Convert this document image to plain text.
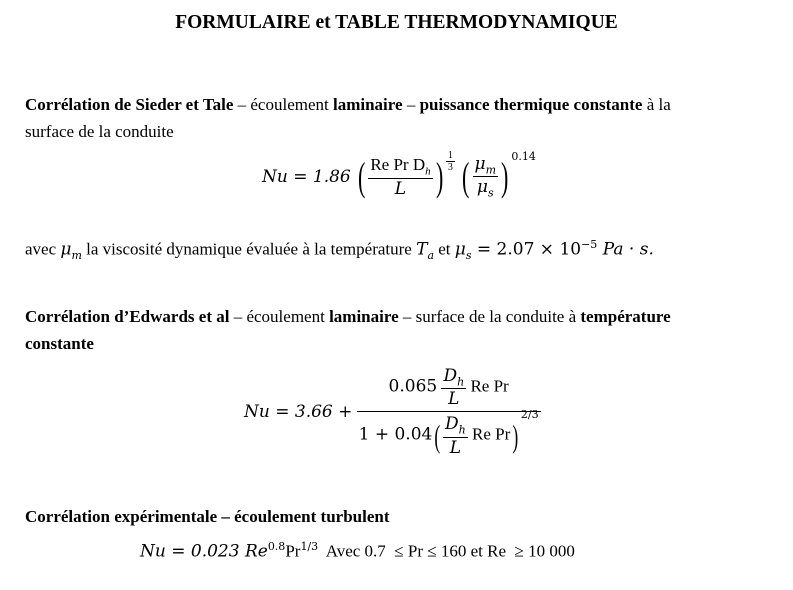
FORMULAIRE et TABLE THERMODYNAMIQUE
Corrélation de Sieder et Tale – écoulement laminaire – puissance thermique constante à la
surface de la conduite
Nu = 1.86 ( $\frac{Re Pr D_h}{L}$ ) $\frac{1}{3}$ ( $\frac{\mu_m}{\mu_s}$ ) $^{0.14}$
avec $\mu_m$ la viscosité dynamique évaluée à la température $T_a$ et $\mu_s = 2.07 \times 10^{-5}$ Pa · s.
Corrélation d’Edwards et al – écoulement laminaire – surface de la conduite à température
constante
$Nu = 3.66 + \frac{0.065 \frac{D_h}{L} Re Pr}{1 + 0.04( \frac{D_h}{L} Re Pr)^{2/3}}$
Corrélation expérimentale – écoulement turbulent
Nu = 0.023 $Re^{0.8}Pr^{1/3}$  Avec 0.7  ≤ Pr ≤ 160 et Re  ≥ 10 000
